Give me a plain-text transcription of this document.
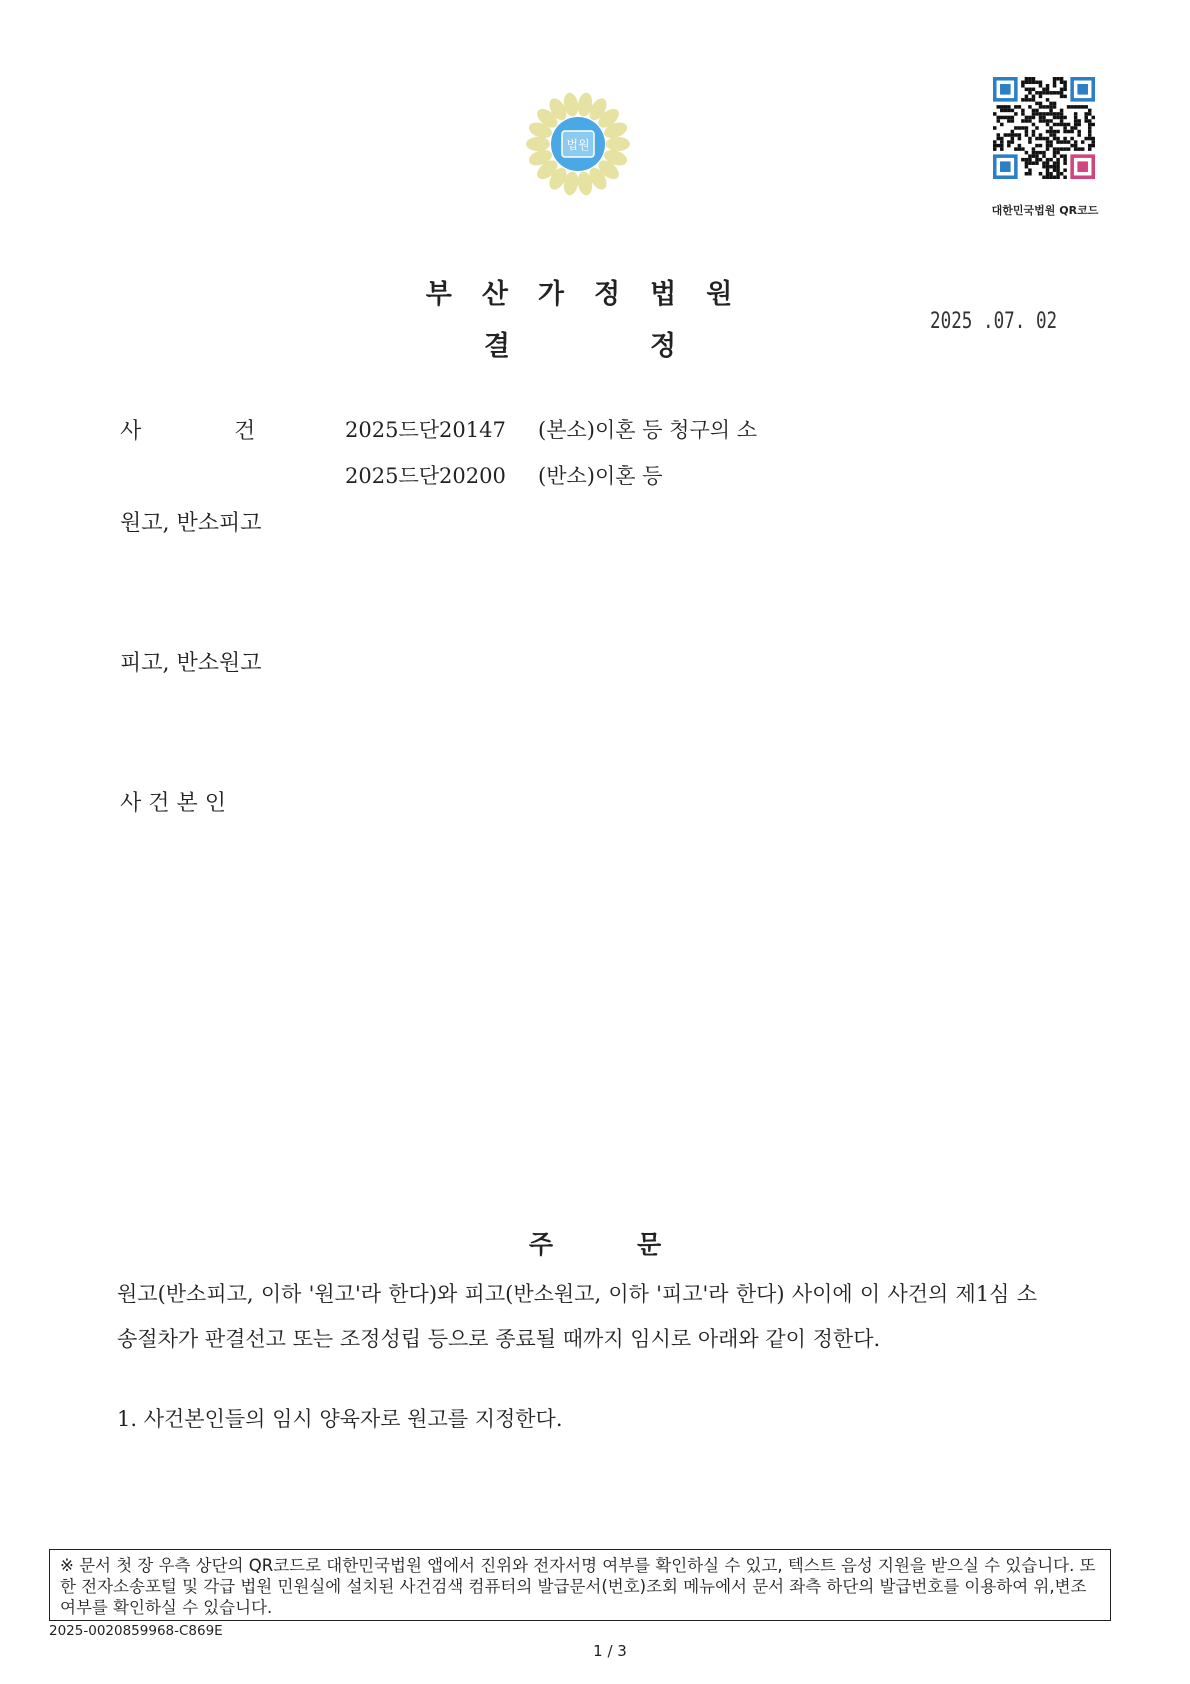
법원
대한민국법원 QR코드
부 산 가 정 법 원
결	정
2025 .07. 02
사	건	2025드단20147 (본소)이혼 등 청구의 소
2025드단20200 (반소)이혼 등
원고, 반소피고
피고, 반소원고
사 건 본 인
주	문
원고(반소피고, 이하 '원고'라 한다)와 피고(반소원고, 이하 '피고'라 한다) 사이에 이 사건의 제1심 소송절차가 판결선고 또는 조정성립 등으로 종료될 때까지 임시로 아래와 같이 정한다.
1. 사건본인들의 임시 양육자로 원고를 지정한다.
※ 문서 첫 장 우측 상단의 QR코드로 대한민국법원 앱에서 진위와 전자서명 여부를 확인하실 수 있고, 텍스트 음성 지원을 받으실 수 있습니다. 또한 전자소송포털 및 각급 법원 민원실에 설치된 사건검색 컴퓨터의 발급문서(번호)조회 메뉴에서 문서 좌측 하단의 발급번호를 이용하여 위,변조 여부를 확인하실 수 있습니다.
2025-0020859968-C869E
1 / 3
